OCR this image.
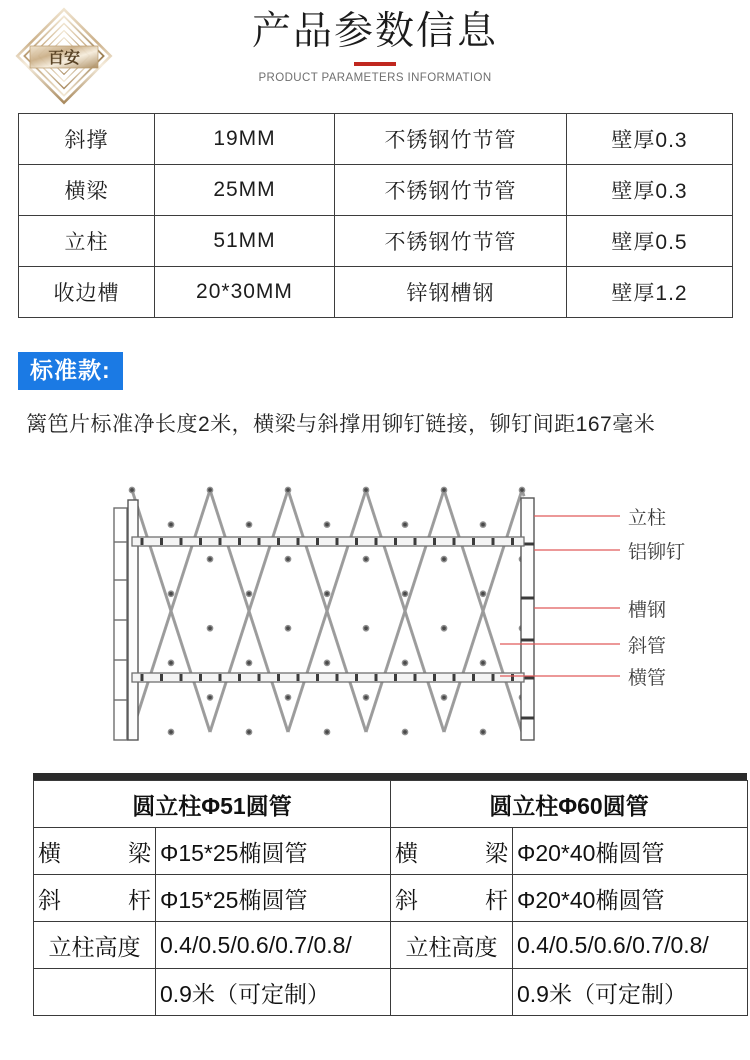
百安
产品参数信息
PRODUCT PARAMETERS INFORMATION
斜撑	19MM	不锈钢竹节管	壁厚0.3
横梁	25MM	不锈钢竹节管	壁厚0.3
立柱	51MM	不锈钢竹节管	壁厚0.5
收边槽	20*30MM	锌钢槽钢	壁厚1.2
标准款:
篱笆片标准净长度2米，横梁与斜撑用铆钉链接，铆钉间距167毫米
立柱
铝铆钉
槽钢
斜管
横管
圆立柱Φ51圆管		圆立柱Φ60圆管	
横梁	Φ15*25椭圆管	横梁	Φ20*40椭圆管
斜杆	Φ15*25椭圆管	斜杆	Φ20*40椭圆管
立柱高度	0.4/0.5/0.6/0.7/0.8/	立柱高度	0.4/0.5/0.6/0.7/0.8/
	0.9米（可定制）		0.9米（可定制）
